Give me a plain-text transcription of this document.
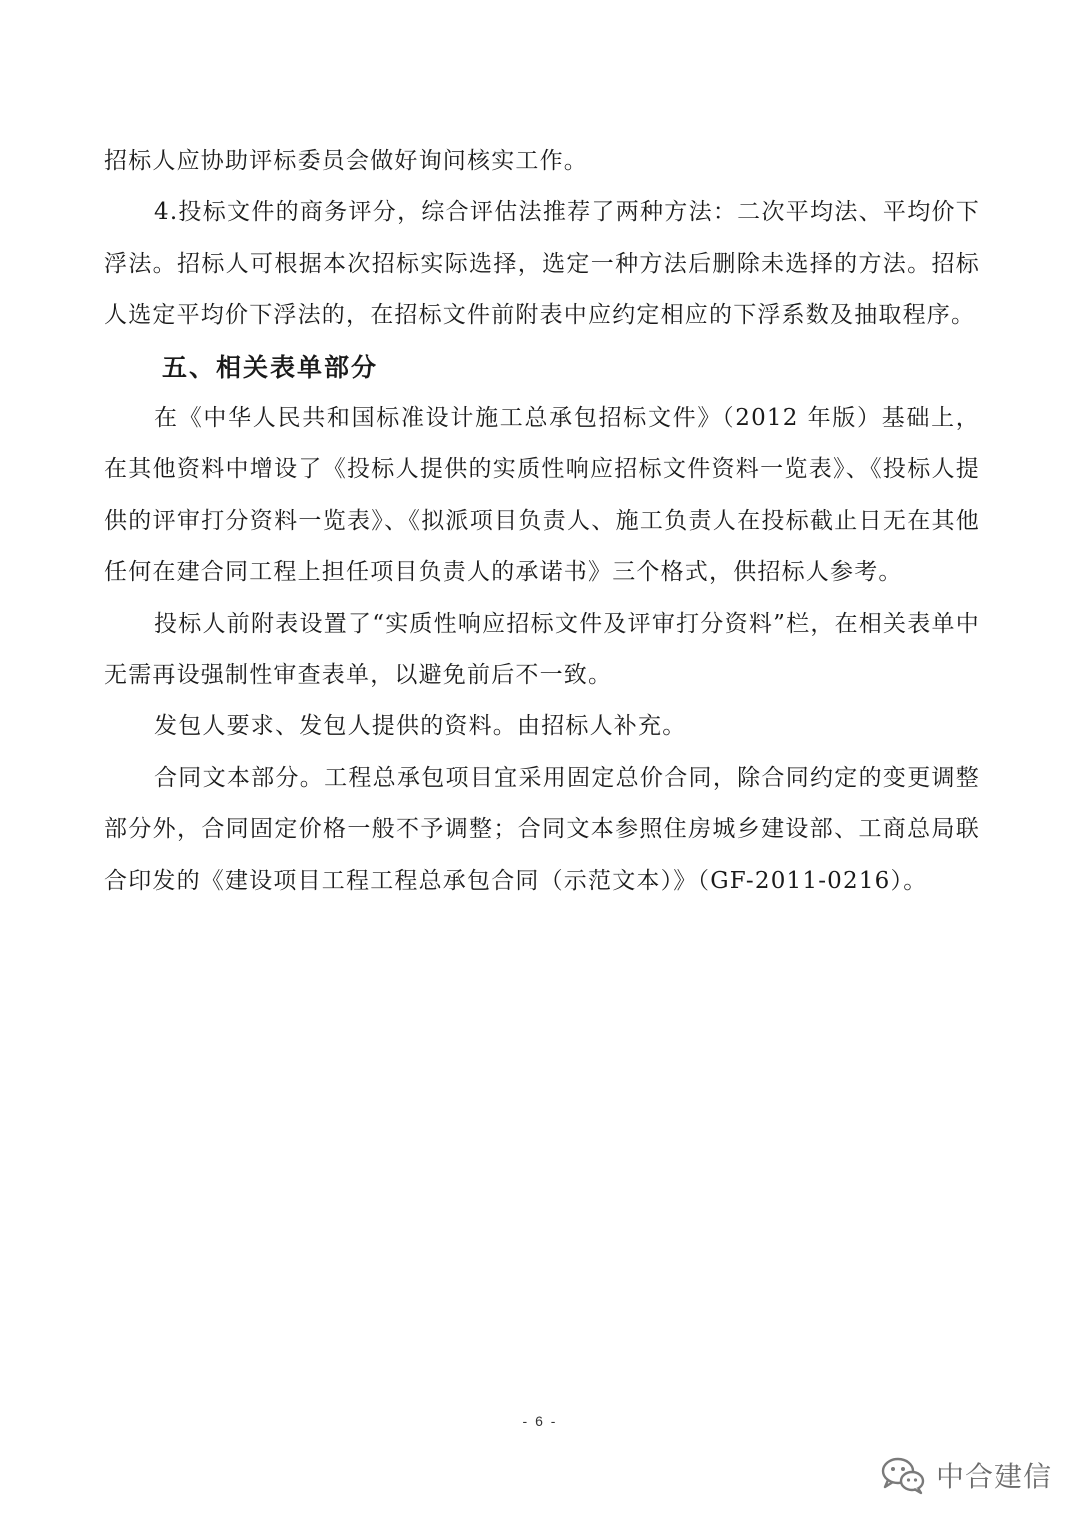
招标人应协助评标委员会做好询问核实工作。

4.投标文件的商务评分，综合评估法推荐了两种方法：二次平均法、平均价下浮法。招标人可根据本次招标实际选择，选定一种方法后删除未选择的方法。招标人选定平均价下浮法的，在招标文件前附表中应约定相应的下浮系数及抽取程序。

五、相关表单部分

在《中华人民共和国标准设计施工总承包招标文件》（2012 年版）基础上，在其他资料中增设了《投标人提供的实质性响应招标文件资料一览表》、《投标人提供的评审打分资料一览表》、《拟派项目负责人、施工负责人在投标截止日无在其他任何在建合同工程上担任项目负责人的承诺书》三个格式，供招标人参考。

投标人前附表设置了“实质性响应招标文件及评审打分资料”栏，在相关表单中无需再设强制性审查表单，以避免前后不一致。

发包人要求、发包人提供的资料。由招标人补充。

合同文本部分。工程总承包项目宜采用固定总价合同，除合同约定的变更调整部分外，合同固定价格一般不予调整；合同文本参照住房城乡建设部、工商总局联合印发的《建设项目工程工程总承包合同（示范文本）》（GF-2011-0216）。

- 6 -
中合建信
